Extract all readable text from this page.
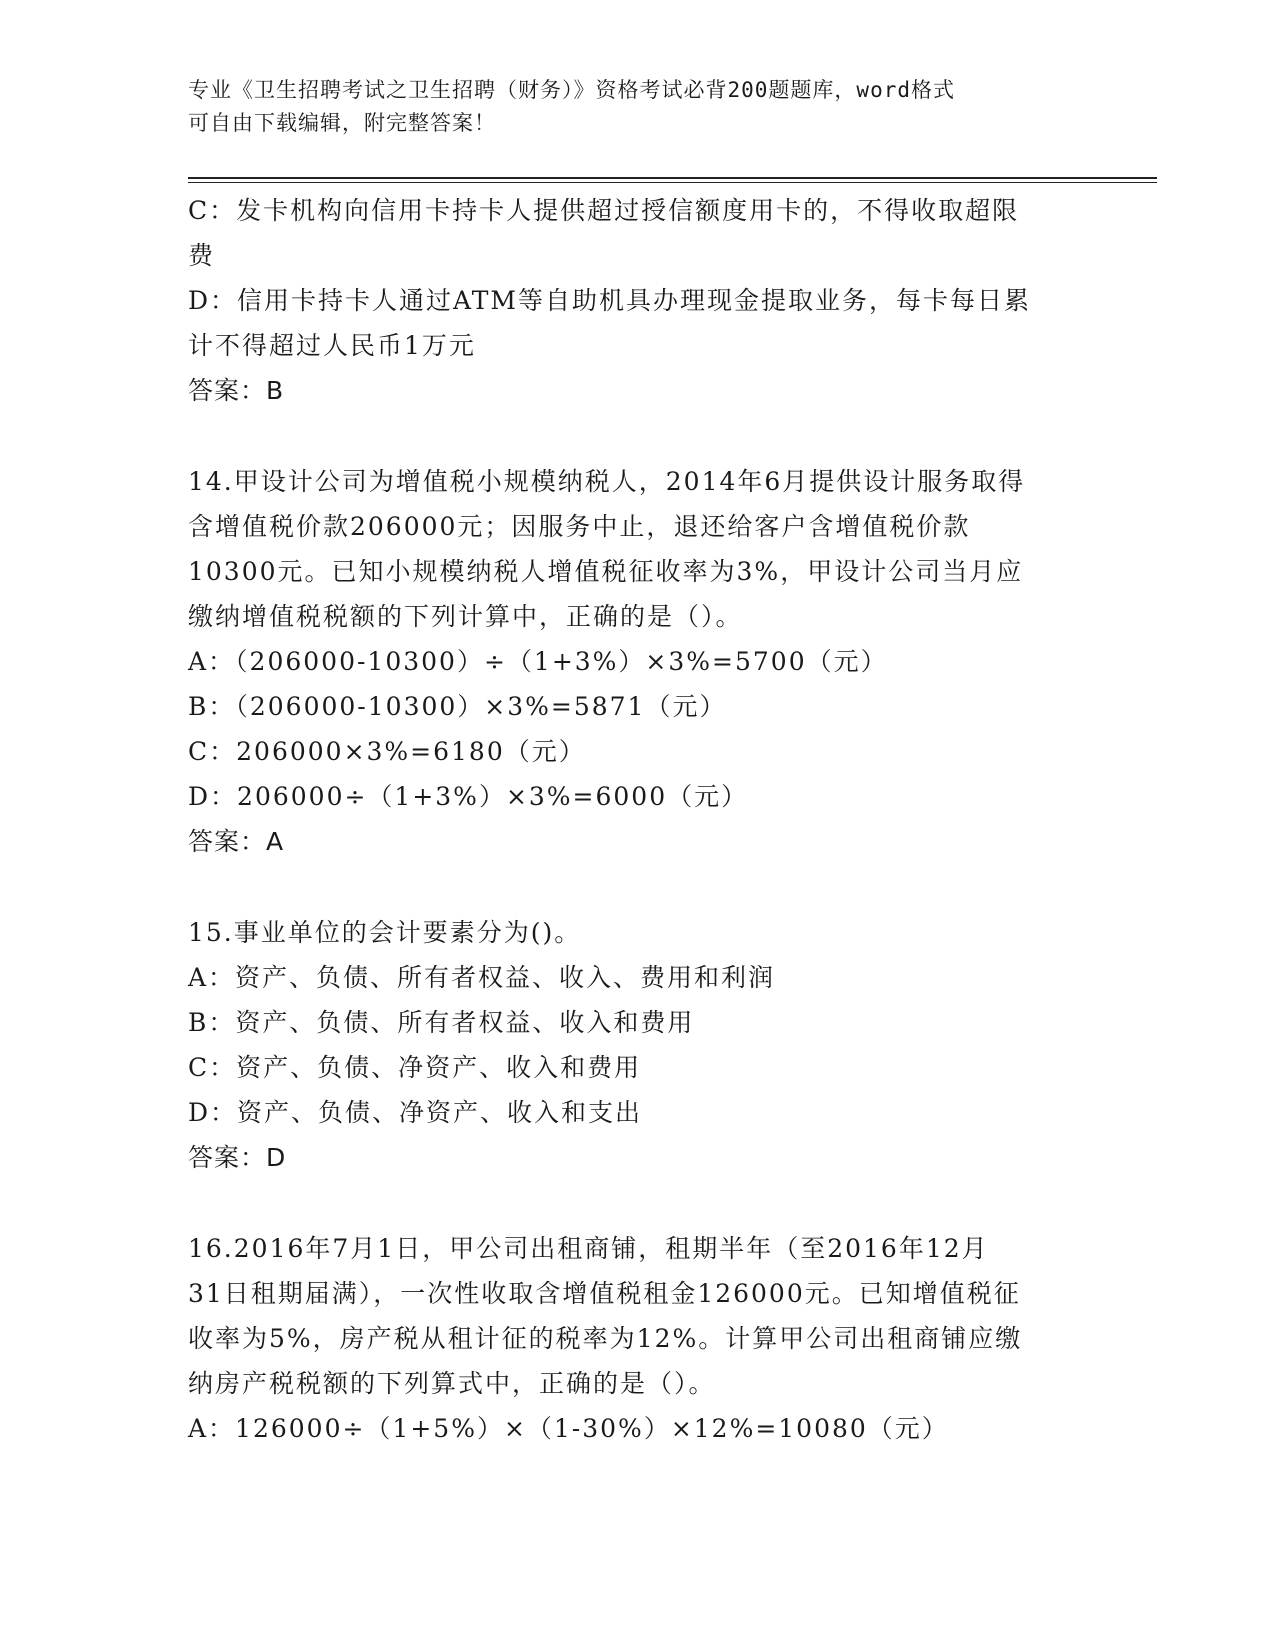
专业《卫生招聘考试之卫生招聘（财务）》资格考试必背200题题库，word格式
可自由下载编辑，附完整答案！
C：发卡机构向信用卡持卡人提供超过授信额度用卡的，不得收取超限
费
D：信用卡持卡人通过ATM等自助机具办理现金提取业务，每卡每日累
计不得超过人民币1万元
答案：B
14.甲设计公司为增值税小规模纳税人，2014年6月提供设计服务取得
含增值税价款206000元；因服务中止，退还给客户含增值税价款
10300元。已知小规模纳税人增值税征收率为3%，甲设计公司当月应
缴纳增值税税额的下列计算中，正确的是（）。
A：（206000-10300）÷（1+3%）×3%=5700（元）
B：（206000-10300）×3%=5871（元）
C：206000×3%=6180（元）
D：206000÷（1+3%）×3%=6000（元）
答案：A
15.事业单位的会计要素分为()。
A：资产、负债、所有者权益、收入、费用和利润
B：资产、负债、所有者权益、收入和费用
C：资产、负债、净资产、收入和费用
D：资产、负债、净资产、收入和支出
答案：D
16.2016年7月1日，甲公司出租商铺，租期半年（至2016年12月
31日租期届满），一次性收取含增值税租金126000元。已知增值税征
收率为5%，房产税从租计征的税率为12%。计算甲公司出租商铺应缴
纳房产税税额的下列算式中，正确的是（）。
A：126000÷（1+5%）×（1-30%）×12%=10080（元）
